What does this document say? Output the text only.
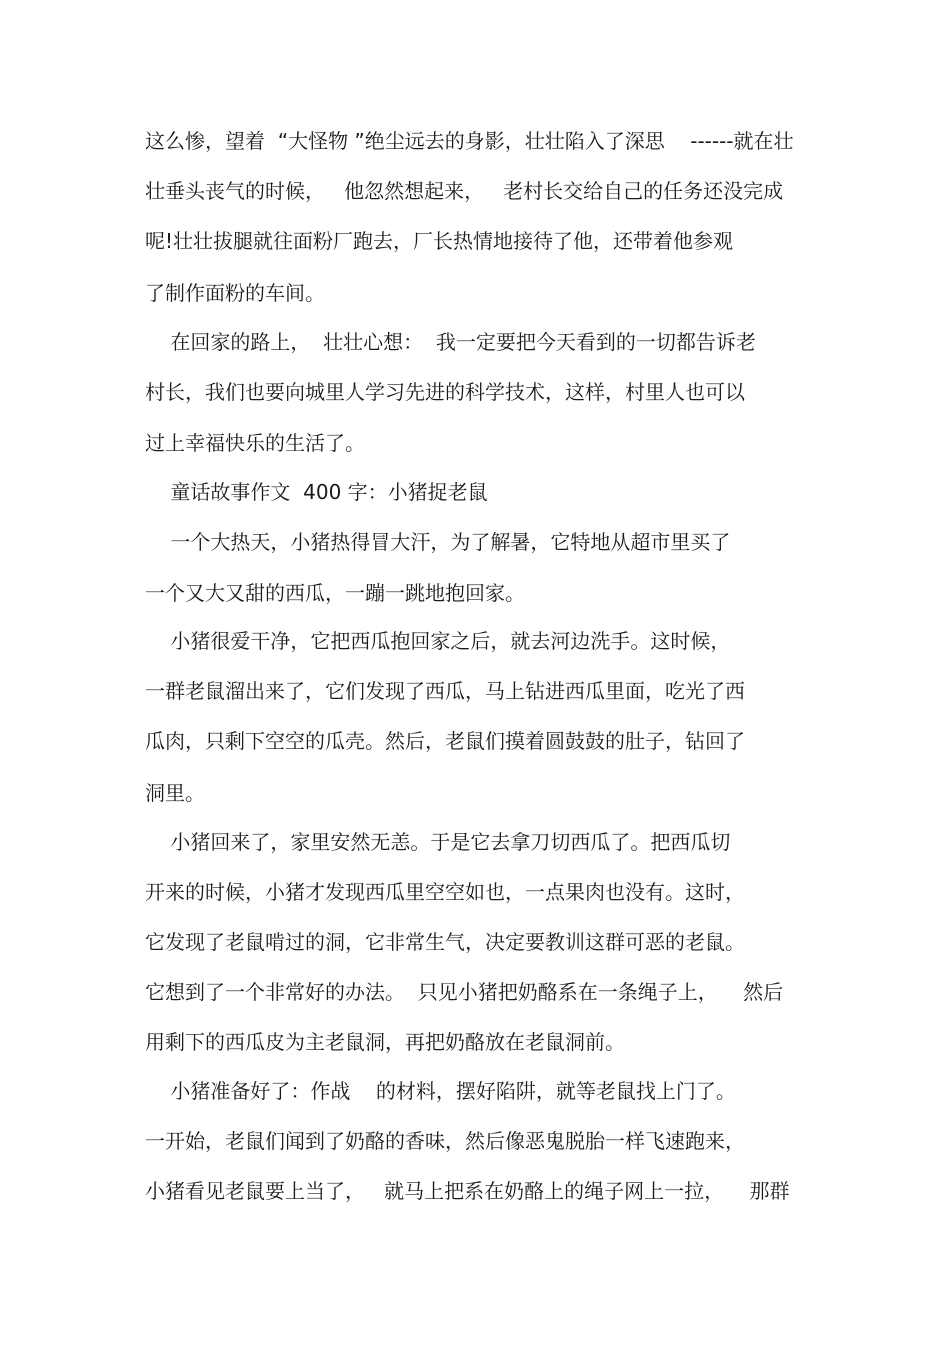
这么惨，望着  “大怪物 ”绝尘远去的身影，壮壮陷入了深思    ------就在壮

壮垂头丧气的时候，   他忽然想起来，   老村长交给自己的任务还没完成

呢!壮壮拔腿就往面粉厂跑去，厂长热情地接待了他，还带着他参观

了制作面粉的车间。

在回家的路上，  壮壮心想：  我一定要把今天看到的一切都告诉老

村长，我们也要向城里人学习先进的科学技术，这样，村里人也可以

过上幸福快乐的生活了。

童话故事作文  400 字：小猪捉老鼠

一个大热天，小猪热得冒大汗，为了解暑，它特地从超市里买了

一个又大又甜的西瓜，一蹦一跳地抱回家。

小猪很爱干净，它把西瓜抱回家之后，就去河边洗手。这时候，

一群老鼠溜出来了，它们发现了西瓜，马上钻进西瓜里面，吃光了西

瓜肉，只剩下空空的瓜壳。然后，老鼠们摸着圆鼓鼓的肚子，钻回了

洞里。

小猪回来了，家里安然无恙。于是它去拿刀切西瓜了。把西瓜切

开来的时候，小猪才发现西瓜里空空如也，一点果肉也没有。这时，

它发现了老鼠啃过的洞，它非常生气，决定要教训这群可恶的老鼠。

它想到了一个非常好的办法。  只见小猪把奶酪系在一条绳子上，    然后

用剩下的西瓜皮为主老鼠洞，再把奶酪放在老鼠洞前。

小猪准备好了：作战    的材料，摆好陷阱，就等老鼠找上门了。

一开始，老鼠们闻到了奶酪的香味，然后像恶鬼脱胎一样飞速跑来，

小猪看见老鼠要上当了，   就马上把系在奶酪上的绳子网上一拉，    那群
